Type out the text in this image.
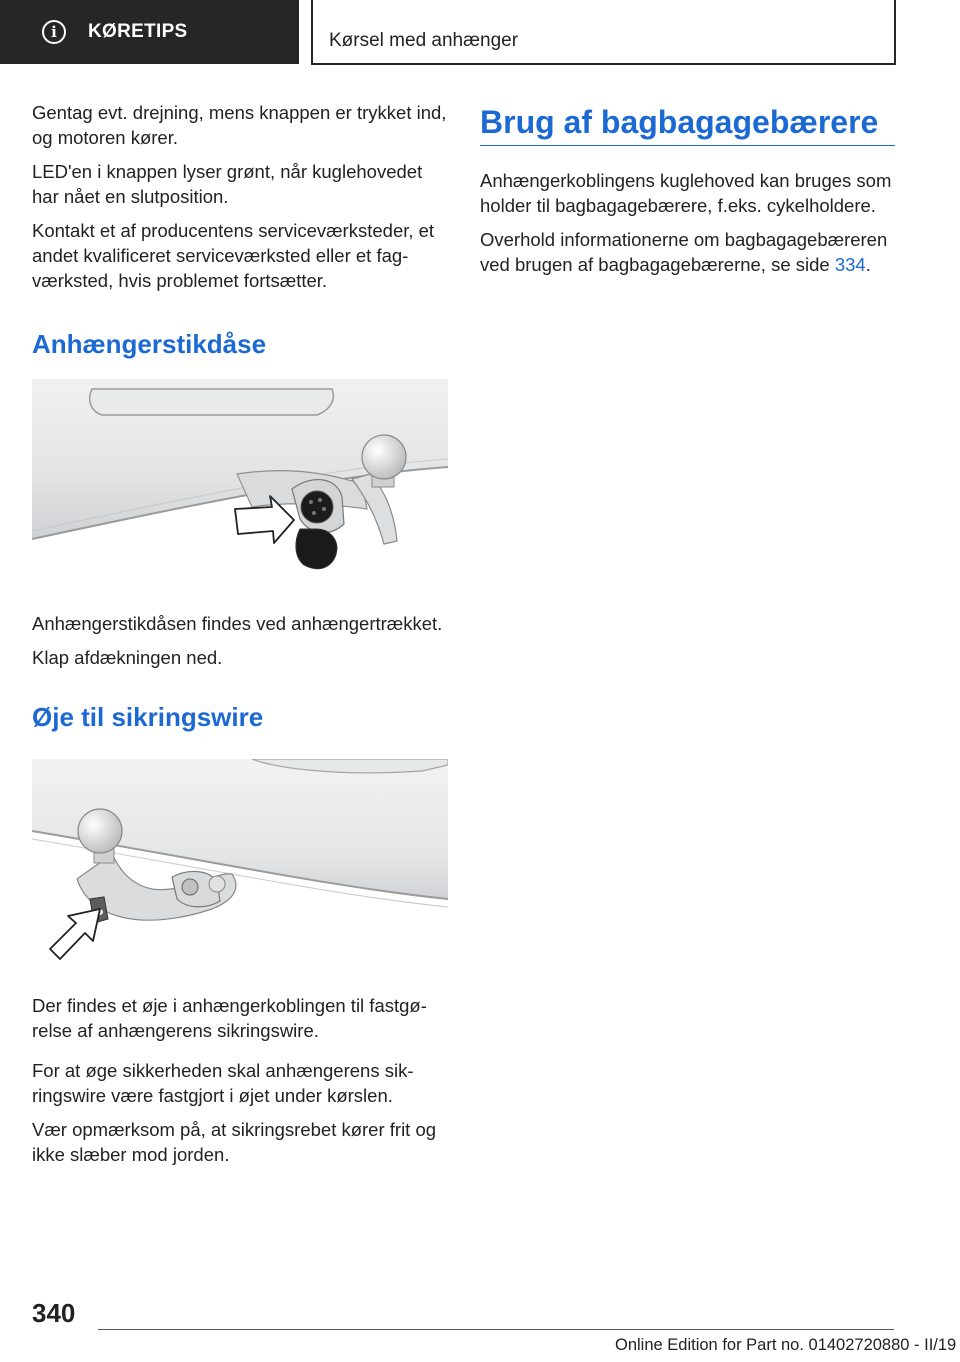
i	KØRETIPS	Kørsel med anhænger

Gentag evt. drejning, mens knappen er trykket ind, og motoren kører.

LED'en i knappen lyser grønt, når kuglehovedet har nået en slutposition.

Kontakt et af producentens serviceværksteder, et andet kvalificeret serviceværksted eller et fagværksted, hvis problemet fortsætter.

Anhængerstikdåse

Anhængerstikdåsen findes ved anhængertrækket.

Klap afdækningen ned.

Øje til sikringswire

Der findes et øje i anhængerkoblingen til fastgørelse af anhængerens sikringswire.

For at øge sikkerheden skal anhængerens sikringswire være fastgjort i øjet under kørslen.

Vær opmærksom på, at sikringsrebet kører frit og ikke slæber mod jorden.

Brug af bagbagagebærere

Anhængerkoblingens kuglehoved kan bruges som holder til bagbagagebærere, f.eks. cykelholdere.

Overhold informationerne om bagbagagebæreren ved brugen af bagbagagebærerne, se side 334.

340
Online Edition for Part no. 01402720880 - II/19
